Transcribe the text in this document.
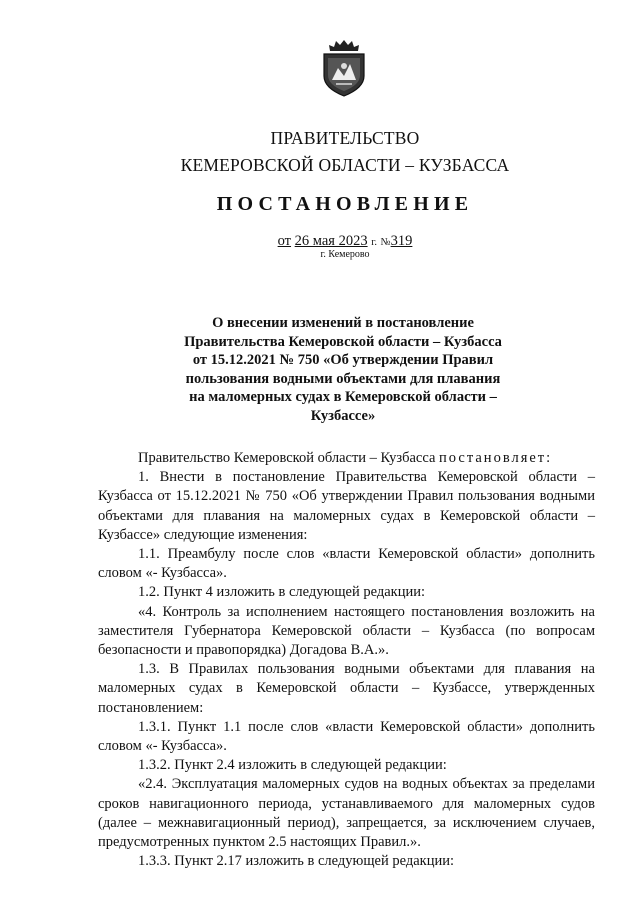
ПРАВИТЕЛЬСТВО
КЕМЕРОВСКОЙ ОБЛАСТИ – КУЗБАССА
ПОСТАНОВЛЕНИЕ
от 26 мая 2023 г. №319
г. Кемерово
О внесении изменений в постановление
Правительства Кемеровской области – Кузбасса
от 15.12.2021 № 750 «Об утверждении Правил
пользования водными объектами для плавания
на маломерных судах в Кемеровской области –
Кузбассе»

Правительство Кемеровской области – Кузбасса постановляет:

1. Внести в постановление Правительства Кемеровской области – Кузбасса от 15.12.2021 № 750 «Об утверждении Правил пользования водными объектами для плавания на маломерных судах в Кемеровской области – Кузбассе» следующие изменения:

1.1. Преамбулу после слов «власти Кемеровской области» дополнить словом «- Кузбасса».

1.2. Пункт 4 изложить в следующей редакции:

«4. Контроль за исполнением настоящего постановления возложить на заместителя Губернатора Кемеровской области – Кузбасса (по вопросам безопасности и правопорядка) Догадова В.А.».

1.3. В Правилах пользования водными объектами для плавания на маломерных судах в Кемеровской области – Кузбассе, утвержденных постановлением:

1.3.1. Пункт 1.1 после слов «власти Кемеровской области» дополнить словом «- Кузбасса».

1.3.2. Пункт 2.4 изложить в следующей редакции:

«2.4. Эксплуатация маломерных судов на водных объектах за пределами сроков навигационного периода, устанавливаемого для маломерных судов (далее – межнавигационный период), запрещается, за исключением случаев, предусмотренных пунктом 2.5 настоящих Правил.».

1.3.3. Пункт 2.17 изложить в следующей редакции:
